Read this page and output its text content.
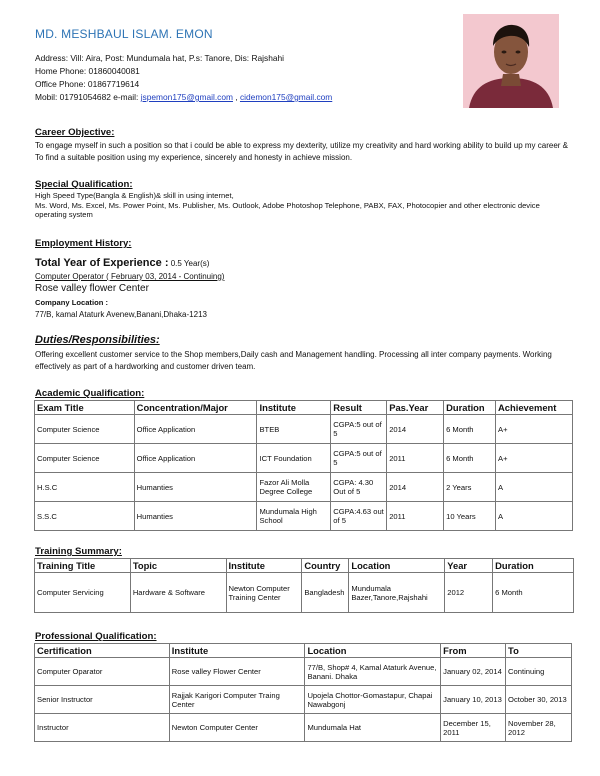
MD. MESHBAUL ISLAM. EMON
Address: Vill: Aira, Post: Mundumala hat, P.s: Tanore, Dis: Rajshahi
Home Phone: 01860040081
Office Phone: 01867719614
Mobil: 01791054682 e-mail: jspemon175@gmail.com , cidemon175@gmail.com
Career Objective:
To engage myself in such a position so that i could be able to express my dexterity, utilize my creativity and hard working ability to build up my career & To find a suitable position using my experience, sincerely and honesty in achieve mission.
Special Qualification:
High Speed Type(Bangla & English)& skill in using internet,
Ms. Word, Ms. Excel, Ms. Power Point, Ms. Publisher, Ms. Outlook, Adobe Photoshop Telephone, PABX, FAX, Photocopier and other electronic device operating system
Employment History:
Total Year of Experience : 0.5 Year(s)
Computer Operator ( February 03, 2014 - Continuing)
Rose valley flower Center
Company Location :
77/B, kamal Ataturk Avenew,Banani,Dhaka-1213
Duties/Responsibilities:
Offering excellent customer service to the Shop members,Daily cash and Management handling. Processing all inter company payments. Working effectively as part of a hardworking and customer driven team.
Academic Qualification:
Exam Title	Concentration/Major	Institute	Result	Pas.Year	Duration	Achievement
Computer Science	Office Application	BTEB	CGPA:5 out of 5	2014	6 Month	A+
Computer Science	Office Application	ICT Foundation	CGPA:5 out of 5	2011	6 Month	A+
H.S.C	Humanties	Fazor Ali Molla Degree College	CGPA: 4.30 Out of 5	2014	2 Years	A
S.S.C	Humanties	Mundumala High School	CGPA:4.63 out of 5	2011	10 Years	A
Training Summary:
Training Title	Topic	Institute	Country	Location	Year	Duration
Computer Servicing	Hardware & Software	Newton Computer Training Center	Bangladesh	Mundumala Bazer,Tanore,Rajshahi	2012	6 Month
Professional Qualification:
Certification	Institute	Location	From	To
Computer Oparator	Rose valley Flower Center	77/B, Shop# 4, Kamal Ataturk Avenue, Banani. Dhaka	January 02, 2014	Continuing
Senior Instructor	Rajjak Karigori Computer Traing Center	Upojela Chottor-Gomastapur, Chapai Nawabgonj	January 10, 2013	October 30, 2013
Instructor	Newton Computer Center	Mundumala Hat	December 15, 2011	November 28, 2012
